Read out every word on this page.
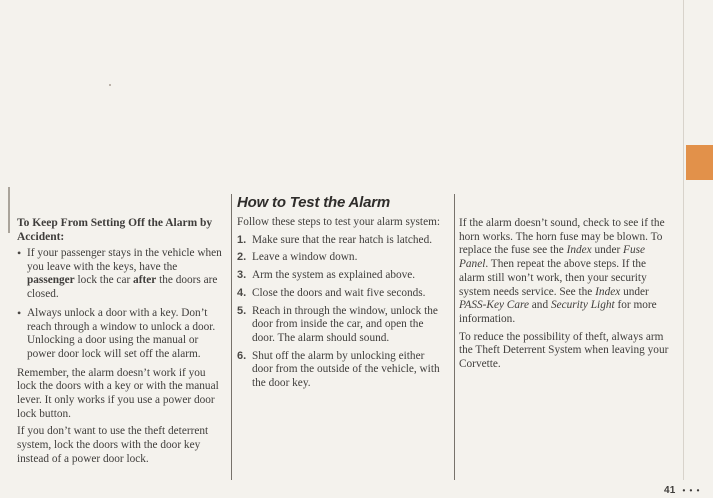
To Keep From Setting Off the Alarm by Accident:
• If your passenger stays in the vehicle when you leave with the keys, have the passenger lock the car after the doors are closed.
• Always unlock a door with a key. Don’t reach through a window to unlock a door. Unlocking a door using the manual or power door lock will set off the alarm.

Remember, the alarm doesn’t work if you lock the doors with a key or with the manual lever. It only works if you use a power door lock button.

If you don’t want to use the theft deterrent system, lock the doors with the door key instead of a power door lock.

How to Test the Alarm

Follow these steps to test your alarm system:

1. Make sure that the rear hatch is latched.
2. Leave a window down.
3. Arm the system as explained above.
4. Close the doors and wait five seconds.
5. Reach in through the window, unlock the door from inside the car, and open the door. The alarm should sound.
6. Shut off the alarm by unlocking either door from the outside of the vehicle, with the door key.

If the alarm doesn’t sound, check to see if the horn works. The horn fuse may be blown. To replace the fuse see the Index under Fuse Panel. Then repeat the above steps. If the alarm still won’t work, then your security system needs service. See the Index under PASS-Key Care and Security Light for more information.

To reduce the possibility of theft, always arm the Theft Deterrent System when leaving your Corvette.

41 • • •
